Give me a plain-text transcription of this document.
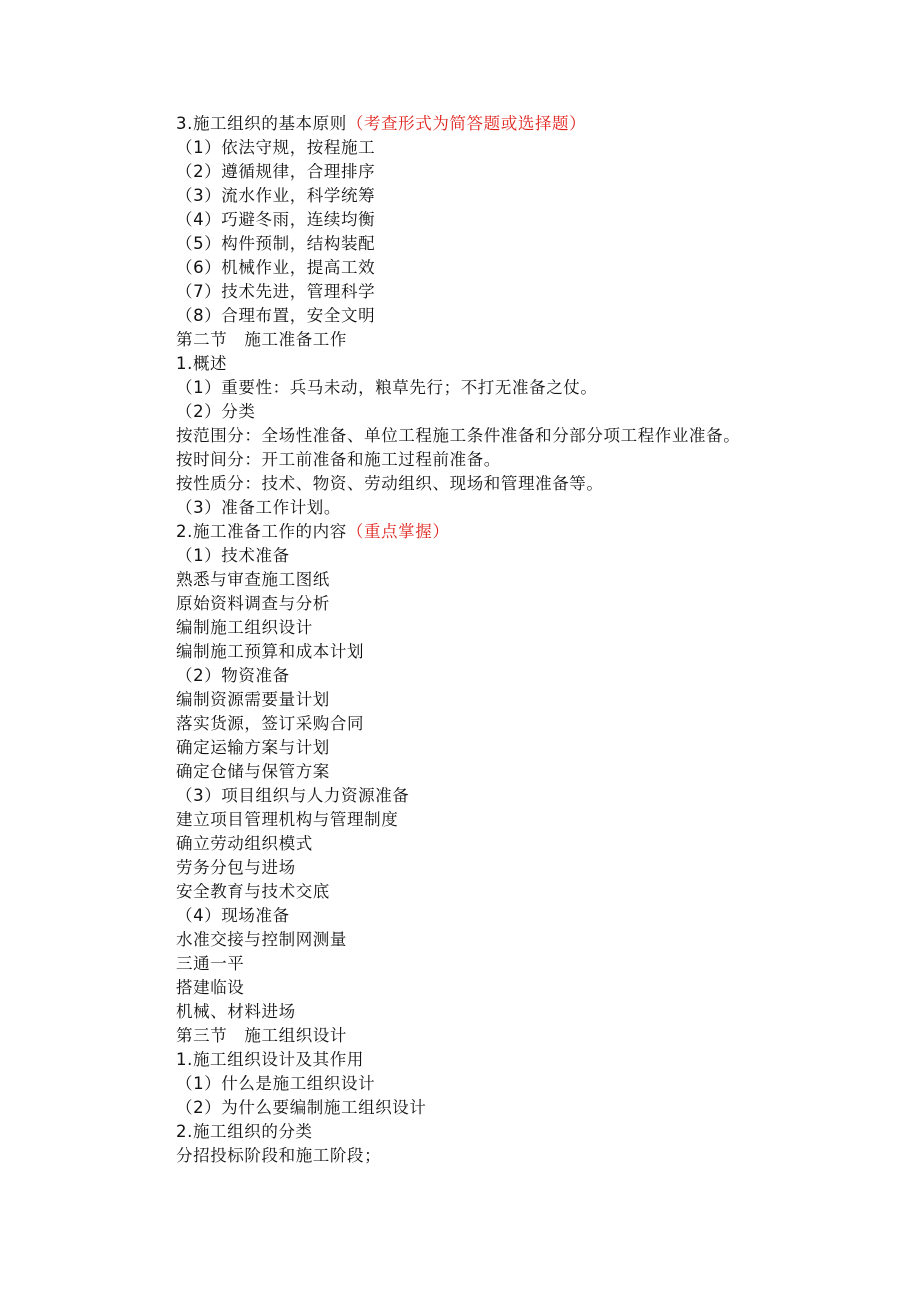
3.施工组织的基本原则（考查形式为简答题或选择题）
（1）依法守规，按程施工
（2）遵循规律，合理排序
（3）流水作业，科学统筹
（4）巧避冬雨，连续均衡
（5）构件预制，结构装配
（6）机械作业，提高工效
（7）技术先进，管理科学
（8）合理布置，安全文明
第二节　施工准备工作
1.概述
（1）重要性：兵马未动，粮草先行；不打无准备之仗。
（2）分类
按范围分：全场性准备、单位工程施工条件准备和分部分项工程作业准备。
按时间分：开工前准备和施工过程前准备。
按性质分：技术、物资、劳动组织、现场和管理准备等。
（3）准备工作计划。
2.施工准备工作的内容（重点掌握）
（1）技术准备
熟悉与审查施工图纸
原始资料调查与分析
编制施工组织设计
编制施工预算和成本计划
（2）物资准备
编制资源需要量计划
落实货源，签订采购合同
确定运输方案与计划
确定仓储与保管方案
（3）项目组织与人力资源准备
建立项目管理机构与管理制度
确立劳动组织模式
劳务分包与进场
安全教育与技术交底
（4）现场准备
水准交接与控制网测量
三通一平
搭建临设
机械、材料进场
第三节　施工组织设计
1.施工组织设计及其作用
（1）什么是施工组织设计
（2）为什么要编制施工组织设计
2.施工组织的分类
分招投标阶段和施工阶段；
